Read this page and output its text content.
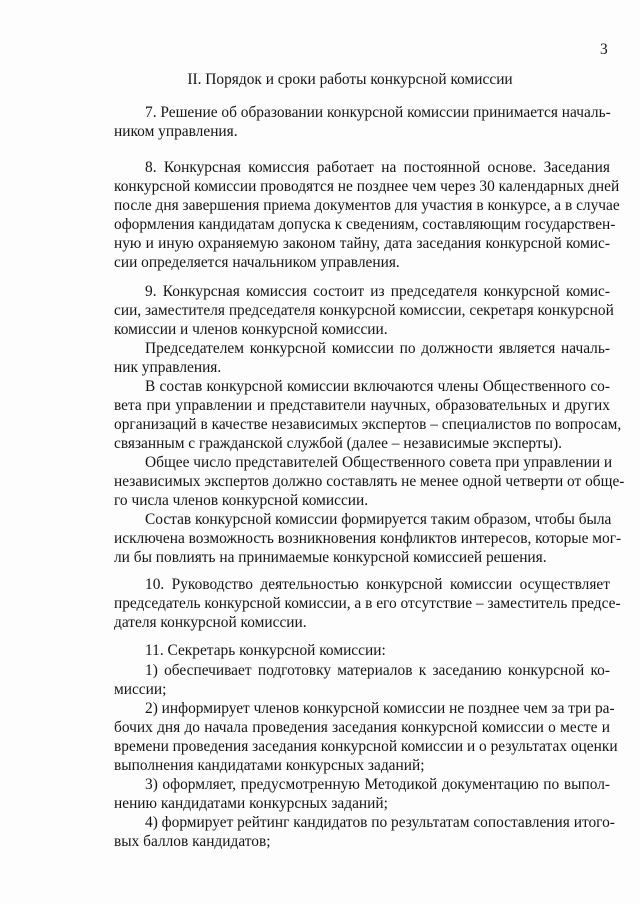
3

II. Порядок и сроки работы конкурсной комиссии

7. Решение об образовании конкурсной комиссии принимается началь-

ником управления.

8. Конкурсная комиссия работает на постоянной основе. Заседания

конкурсной комиссии проводятся не позднее чем через 30 календарных дней

после дня завершения приема документов для участия в конкурсе, а в случае

оформления кандидатам допуска к сведениям, составляющим государствен-

ную и иную охраняемую законом тайну, дата заседания конкурсной комис-

сии определяется начальником управления.

9. Конкурсная комиссия состоит из председателя конкурсной комис-

сии, заместителя председателя конкурсной комиссии, секретаря конкурсной

комиссии и членов конкурсной комиссии.

Председателем конкурсной комиссии по должности является началь-

ник управления.

В состав конкурсной комиссии включаются члены Общественного со-

вета при управлении и представители научных, образовательных и других

организаций в качестве независимых экспертов – специалистов по вопросам,

связанным с гражданской службой (далее – независимые эксперты).

Общее число представителей Общественного совета при управлении и

независимых экспертов должно составлять не менее одной четверти от обще-

го числа членов конкурсной комиссии.

Состав конкурсной комиссии формируется таким образом, чтобы была

исключена возможность возникновения конфликтов интересов, которые мог-

ли бы повлиять на принимаемые конкурсной комиссией решения.

10. Руководство деятельностью конкурсной комиссии осуществляет

председатель конкурсной комиссии, а в его отсутствие – заместитель предсе-

дателя конкурсной комиссии.

11. Секретарь конкурсной комиссии:

1) обеспечивает подготовку материалов к заседанию конкурсной ко-

миссии;

2) информирует членов конкурсной комиссии не позднее чем за три ра-

бочих дня до начала проведения заседания конкурсной комиссии о месте и

времени проведения заседания конкурсной комиссии и о результатах оценки

выполнения кандидатами конкурсных заданий;

3) оформляет, предусмотренную Методикой документацию по выпол-

нению кандидатами конкурсных заданий;

4) формирует рейтинг кандидатов по результатам сопоставления итого-

вых баллов кандидатов;
